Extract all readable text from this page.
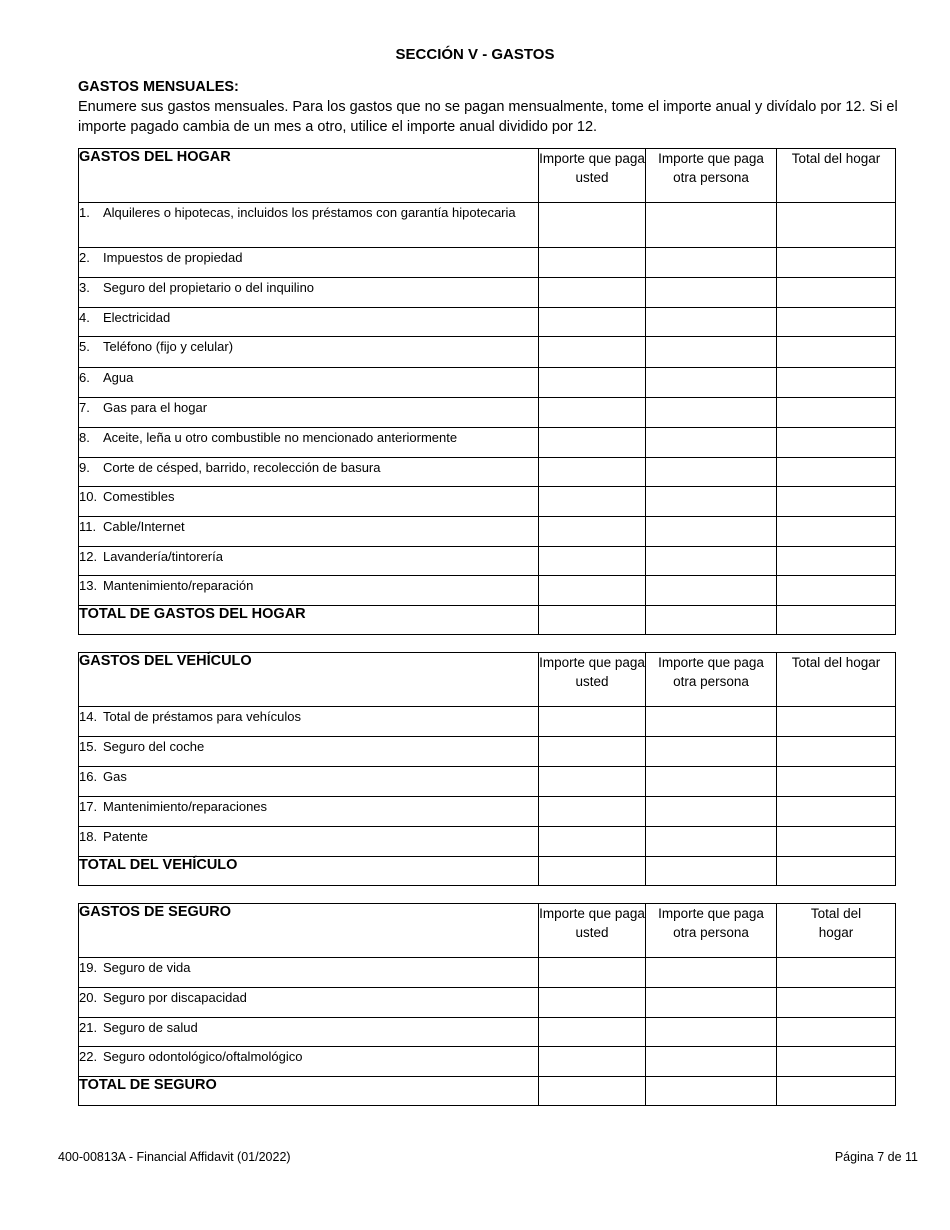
SECCIÓN V - GASTOS
GASTOS MENSUALES:
Enumere sus gastos mensuales. Para los gastos que no se pagan mensualmente, tome el importe anual y divídalo por 12. Si el importe pagado cambia de un mes a otro, utilice el importe anual dividido por 12.
GASTOS DEL HOGAR	Importe que paga usted	Importe que paga otra persona	Total del hogar
1. Alquileres o hipotecas, incluidos los préstamos con garantía hipotecaria			
2. Impuestos de propiedad			
3. Seguro del propietario o del inquilino			
4. Electricidad			
5. Teléfono (fijo y celular)			
6. Agua			
7. Gas para el hogar			
8. Aceite, leña u otro combustible no mencionado anteriormente			
9. Corte de césped, barrido, recolección de basura			
10. Comestibles			
11. Cable/Internet			
12. Lavandería/tintorería			
13. Mantenimiento/reparación			
TOTAL DE GASTOS DEL HOGAR			
GASTOS DEL VEHÍCULO	Importe que paga usted	Importe que paga otra persona	Total del hogar
14. Total de préstamos para vehículos			
15. Seguro del coche			
16. Gas			
17. Mantenimiento/reparaciones			
18. Patente			
TOTAL DEL VEHÍCULO			
GASTOS DE SEGURO	Importe que paga usted	Importe que paga otra persona	Total del hogar
19. Seguro de vida			
20. Seguro por discapacidad			
21. Seguro de salud			
22. Seguro odontológico/oftalmológico			
TOTAL DE SEGURO			
400-00813A - Financial Affidavit (01/2022)	Página 7 de 11
